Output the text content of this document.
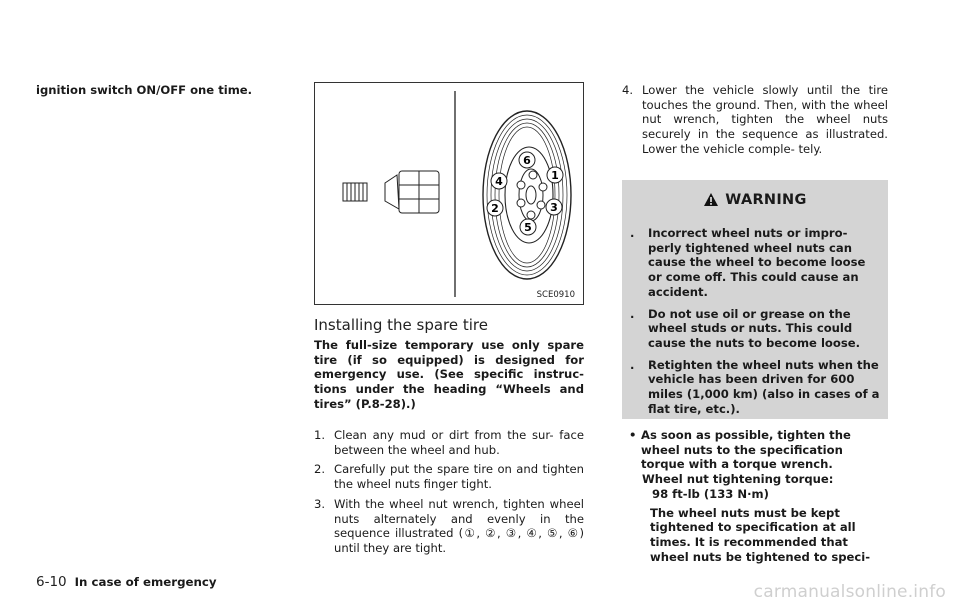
ignition switch ON/OFF one time.
1
2	3
4
5
6
SCE0910
Installing the spare tire
The full-size temporary use only spare tire (if so equipped) is designed for emergency use. (See specific instruc- tions under the heading “Wheels and tires” (P.8-28).)
1. Clean any mud or dirt from the sur- face between the wheel and hub.
2. Carefully put the spare tire on and tighten the wheel nuts finger tight.
3. With the wheel nut wrench, tighten wheel nuts alternately and evenly in the sequence illustrated (①, ②, ③, ④, ⑤, ⑥) until they are tight.
4. Lower the vehicle slowly until the tire touches the ground. Then, with the wheel nut wrench, tighten the wheel nuts securely in the sequence as illustrated. Lower the vehicle comple- tely.
WARNING
.	Incorrect wheel nuts or impro- perly tightened wheel nuts can cause the wheel to become loose or come off. This could cause an accident.
.	Do not use oil or grease on the wheel studs or nuts. This could cause the nuts to become loose.
.	Retighten the wheel nuts when the vehicle has been driven for 600 miles (1,000 km) (also in cases of a flat tire, etc.).
• As soon as possible, tighten the wheel nuts to the specification torque with a torque wrench.
Wheel nut tightening torque:
98 ft-lb (133 N·m)
The wheel nuts must be kept tightened to specification at all times. It is recommended that wheel nuts be tightened to speci-
6-10 In case of emergency	carmanualsonline.info
